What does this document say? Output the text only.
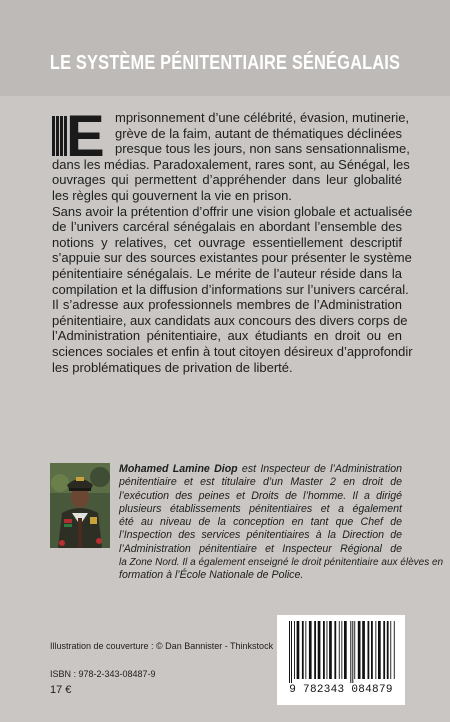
LE SYSTÈME PÉNITENTIAIRE SÉNÉGALAIS
E mprisonnement d’une célébrité, évasion, mutinerie,
grève de la faim, autant de thématiques déclinées
presque tous les jours, non sans sensationnalisme,
dans les médias. Paradoxalement, rares sont, au Sénégal, les
ouvrages qui permettent d’appréhender dans leur globalité
les règles qui gouvernent la vie en prison.
Sans avoir la prétention d’offrir une vision globale et actualisée
de l’univers carcéral sénégalais en abordant l’ensemble des
notions y relatives, cet ouvrage essentiellement descriptif
s’appuie sur des sources existantes pour présenter le système
pénitentiaire sénégalais. Le mérite de l’auteur réside dans la
compilation et la diffusion d’informations sur l’univers carcéral.
Il s’adresse aux professionnels membres de l’Administration
pénitentiaire, aux candidats aux concours des divers corps de
l’Administration pénitentiaire, aux étudiants en droit ou en
sciences sociales et enfin à tout citoyen désireux d’approfondir
les problématiques de privation de liberté.
Mohamed Lamine Diop est Inspecteur de l’Administration
pénitentiaire et est titulaire d’un Master 2 en droit de
l’exécution des peines et Droits de l’homme. Il a dirigé
plusieurs établissements pénitentiaires et a également
été au niveau de la conception en tant que Chef de
l’Inspection des services pénitentiaires à la Direction de
l’Administration pénitentiaire et Inspecteur Régional de
la Zone Nord. Il a également enseigné le droit pénitentiaire aux élèves en
formation à l’École Nationale de Police.
Illustration de couverture : © Dan Bannister - Thinkstock
ISBN : 978-2-343-08487-9
17 €	9 782343 084879
